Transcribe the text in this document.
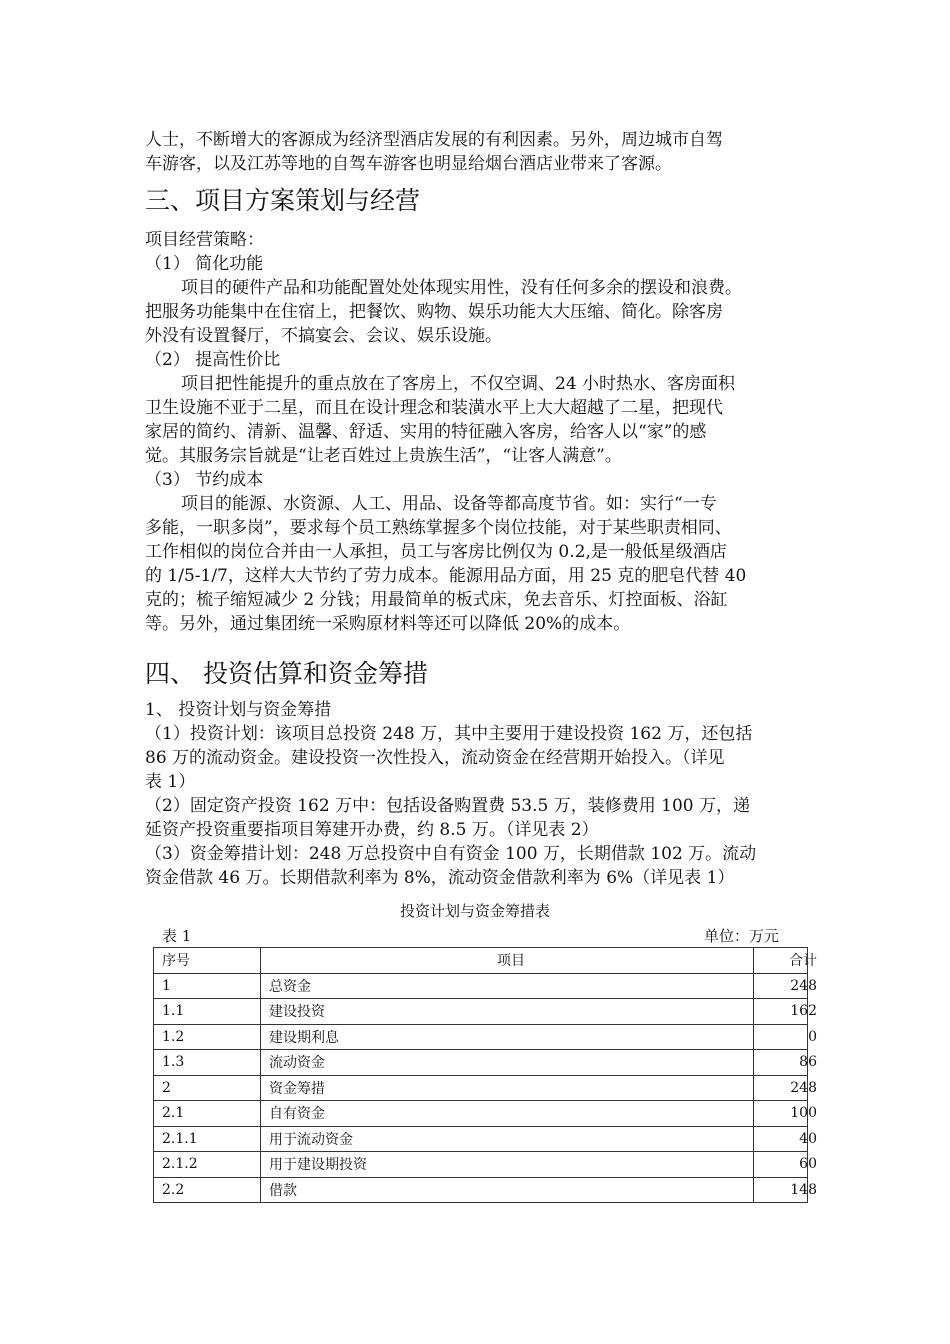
人士，不断增大的客源成为经济型酒店发展的有利因素。另外，周边城市自驾

车游客，以及江苏等地的自驾车游客也明显给烟台酒店业带来了客源。

三、项目方案策划与经营

项目经营策略：

（1） 简化功能

项目的硬件产品和功能配置处处体现实用性，没有任何多余的摆设和浪费。

把服务功能集中在住宿上，把餐饮、购物、娱乐功能大大压缩、简化。除客房

外没有设置餐厅，不搞宴会、会议、娱乐设施。

（2） 提高性价比

项目把性能提升的重点放在了客房上，不仅空调、24 小时热水、客房面积

卫生设施不亚于二星，而且在设计理念和装潢水平上大大超越了二星，把现代

家居的简约、清新、温馨、舒适、实用的特征融入客房，给客人以“家”的感

觉。其服务宗旨就是“让老百姓过上贵族生活”，“让客人满意”。

（3） 节约成本

项目的能源、水资源、人工、用品、设备等都高度节省。如：实行“一专

多能，一职多岗”，要求每个员工熟练掌握多个岗位技能，对于某些职责相同、

工作相似的岗位合并由一人承担，员工与客房比例仅为 0.2,是一般低星级酒店

的 1/5-1/7，这样大大节约了劳力成本。能源用品方面，用 25 克的肥皂代替 40

克的；梳子缩短减少 2 分钱；用最简单的板式床，免去音乐、灯控面板、浴缸

等。另外，通过集团统一采购原材料等还可以降低 20%的成本。

四、 投资估算和资金筹措

1、 投资计划与资金筹措

（1）投资计划：该项目总投资 248 万，其中主要用于建设投资 162 万，还包括

86 万的流动资金。建设投资一次性投入，流动资金在经营期开始投入。（详见

表 1）

（2）固定资产投资 162 万中：包括设备购置费 53.5 万，装修费用 100 万，递

延资产投资重要指项目筹建开办费，约 8.5 万。（详见表 2）

（3）资金筹措计划：248 万总投资中自有资金 100 万，长期借款 102 万。流动

资金借款 46 万。长期借款利率为 8%，流动资金借款利率为 6%（详见表 1）

投资计划与资金筹措表
表 1	单位：万元
序号	项目	合计
1	总资金	248
1.1	建设投资	162
1.2	建设期利息	0
1.3	流动资金	86
2	资金筹措	248
2.1	自有资金	100
2.1.1	用于流动资金	40
2.1.2	用于建设期投资	60
2.2	借款	148
